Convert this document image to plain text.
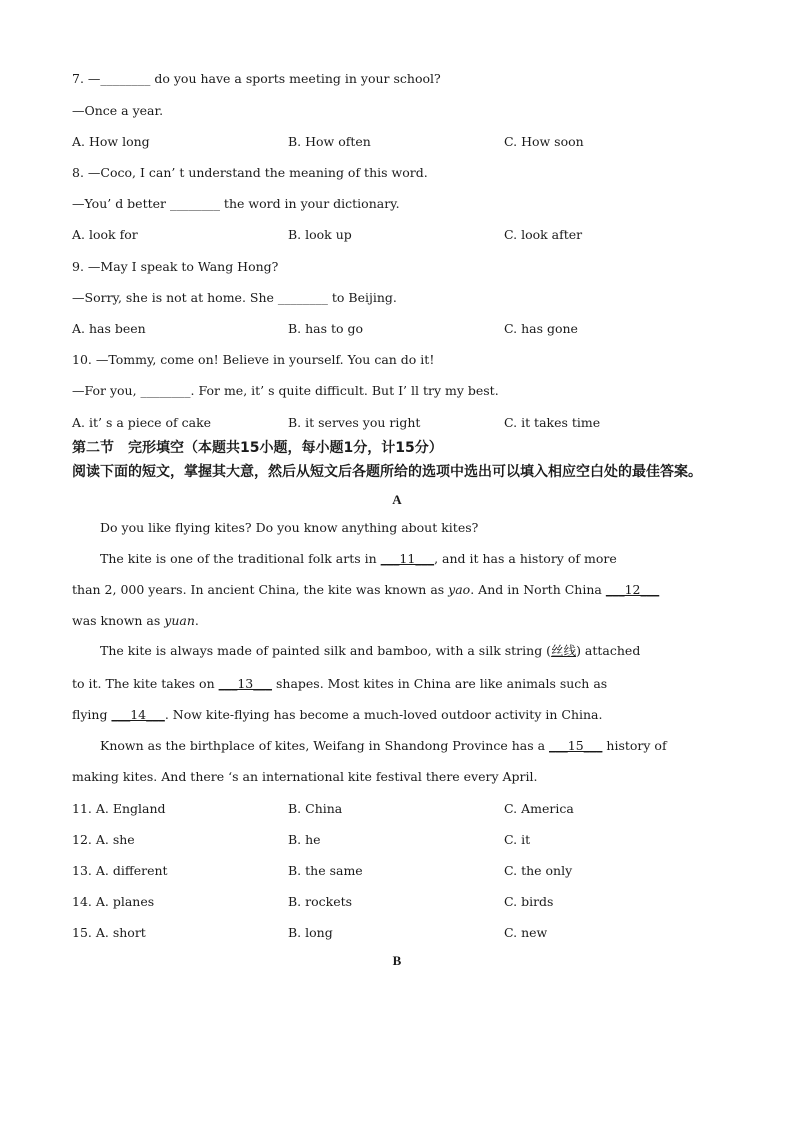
7. —________ do you have a sports meeting in your school?
—Once a year.
A. How long	B. How often	C. How soon
8. —Coco, I can’ t understand the meaning of this word.
—You’ d better ________ the word in your dictionary.
A. look for	B. look up	C. look after
9. —May I speak to Wang Hong?
—Sorry, she is not at home. She ________ to Beijing.
A. has been	B. has to go	C. has gone
10. —Tommy, come on! Believe in yourself. You can do it!
—For you, ________. For me, it’ s quite difficult. But I’ ll try my best.
A. it’ s a piece of cake	B. it serves you right	C. it takes time
第二节　完形填空（本题共15小题，每小题1分，计15分）
阅读下面的短文，掌握其大意，然后从短文后各题所给的选项中选出可以填入相应空白处的最佳答案。
A
Do you like flying kites? Do you know anything about kites?
The kite is one of the traditional folk arts in ___11___, and it has a history of more
than 2, 000 years. In ancient China, the kite was known as yao. And in North China ___12___
was known as yuan.
The kite is always made of painted silk and bamboo, with a silk string (丝线) attached
to it. The kite takes on ___13___ shapes. Most kites in China are like animals such as
flying ___14___. Now kite-flying has become a much-loved outdoor activity in China.
Known as the birthplace of kites, Weifang in Shandong Province has a ___15___ history of
making kites. And there ‘s an international kite festival there every April.
11. A. England	B. China	C. America
12. A. she	B. he	C. it
13. A. different	B. the same	C. the only
14. A. planes	B. rockets	C. birds
15. A. short	B. long	C. new
B
